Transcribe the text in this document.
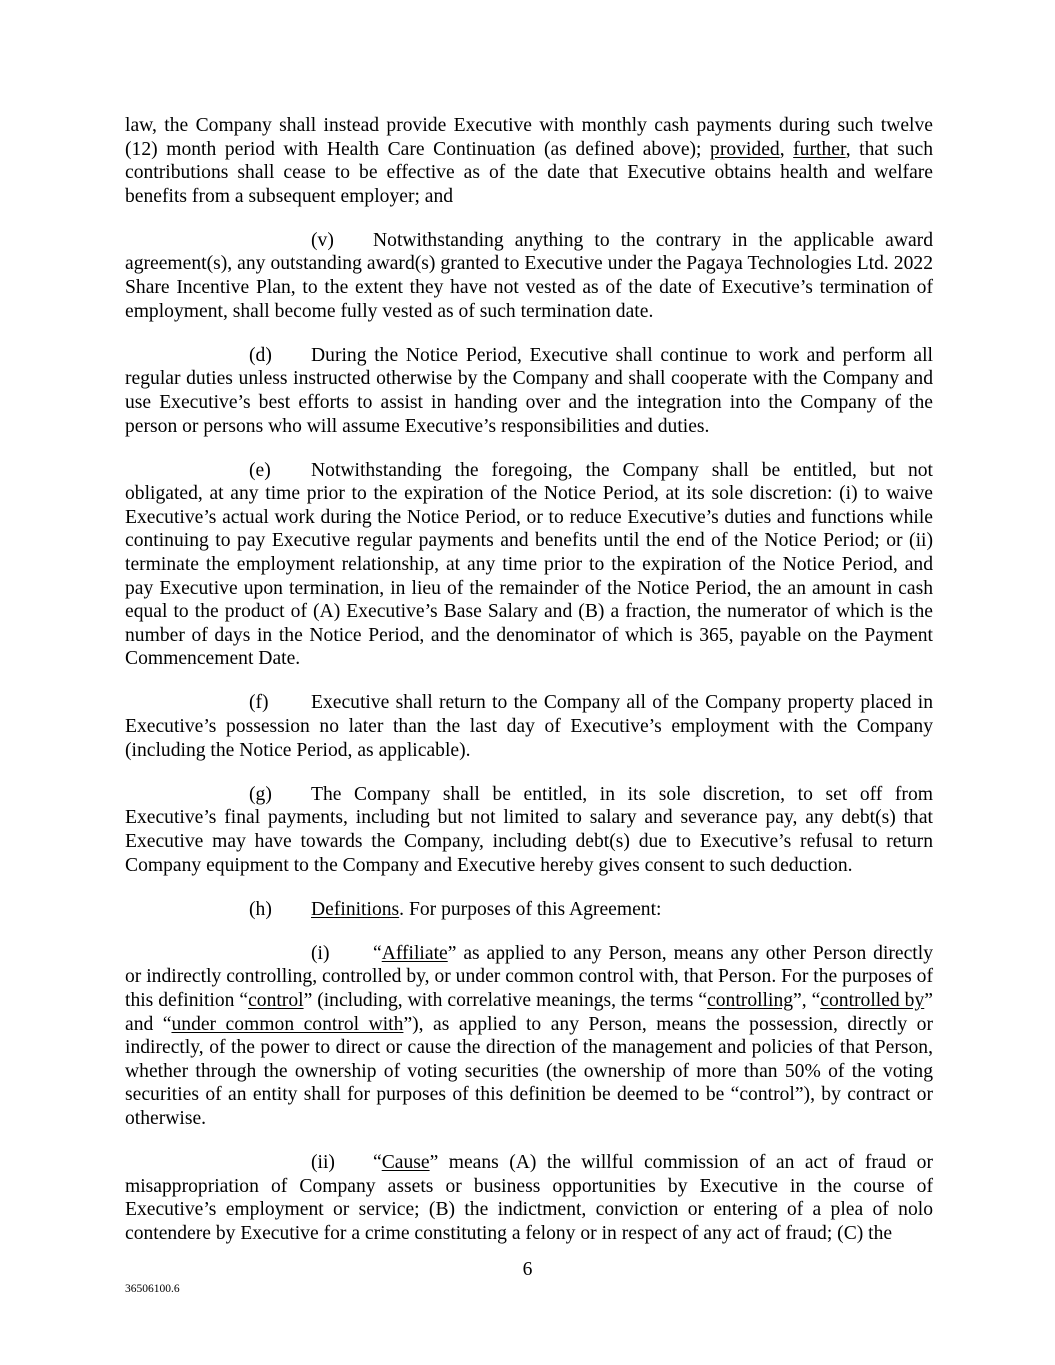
law, the Company shall instead provide Executive with monthly cash payments during such twelve (12) month period with Health Care Continuation (as defined above); provided, further, that such contributions shall cease to be effective as of the date that Executive obtains health and welfare benefits from a subsequent employer; and

(v) Notwithstanding anything to the contrary in the applicable award agreement(s), any outstanding award(s) granted to Executive under the Pagaya Technologies Ltd. 2022 Share Incentive Plan, to the extent they have not vested as of the date of Executive’s termination of employment, shall become fully vested as of such termination date.

(d) During the Notice Period, Executive shall continue to work and perform all regular duties unless instructed otherwise by the Company and shall cooperate with the Company and use Executive’s best efforts to assist in handing over and the integration into the Company of the person or persons who will assume Executive’s responsibilities and duties.

(e) Notwithstanding the foregoing, the Company shall be entitled, but not obligated, at any time prior to the expiration of the Notice Period, at its sole discretion: (i) to waive Executive’s actual work during the Notice Period, or to reduce Executive’s duties and functions while continuing to pay Executive regular payments and benefits until the end of the Notice Period; or (ii) terminate the employment relationship, at any time prior to the expiration of the Notice Period, and pay Executive upon termination, in lieu of the remainder of the Notice Period, the an amount in cash equal to the product of (A) Executive’s Base Salary and (B) a fraction, the numerator of which is the number of days in the Notice Period, and the denominator of which is 365, payable on the Payment Commencement Date.

(f) Executive shall return to the Company all of the Company property placed in Executive’s possession no later than the last day of Executive’s employment with the Company (including the Notice Period, as applicable).

(g) The Company shall be entitled, in its sole discretion, to set off from Executive’s final payments, including but not limited to salary and severance pay, any debt(s) that Executive may have towards the Company, including debt(s) due to Executive’s refusal to return Company equipment to the Company and Executive hereby gives consent to such deduction.

(h) Definitions. For purposes of this Agreement:

(i) “Affiliate” as applied to any Person, means any other Person directly or indirectly controlling, controlled by, or under common control with, that Person. For the purposes of this definition “control” (including, with correlative meanings, the terms “controlling”, “controlled by” and “under common control with”), as applied to any Person, means the possession, directly or indirectly, of the power to direct or cause the direction of the management and policies of that Person, whether through the ownership of voting securities (the ownership of more than 50% of the voting securities of an entity shall for purposes of this definition be deemed to be “control”), by contract or otherwise.

(ii) “Cause” means (A) the willful commission of an act of fraud or misappropriation of Company assets or business opportunities by Executive in the course of Executive’s employment or service; (B) the indictment, conviction or entering of a plea of nolo contendere by Executive for a crime constituting a felony or in respect of any act of fraud; (C) the

6
36506100.6
